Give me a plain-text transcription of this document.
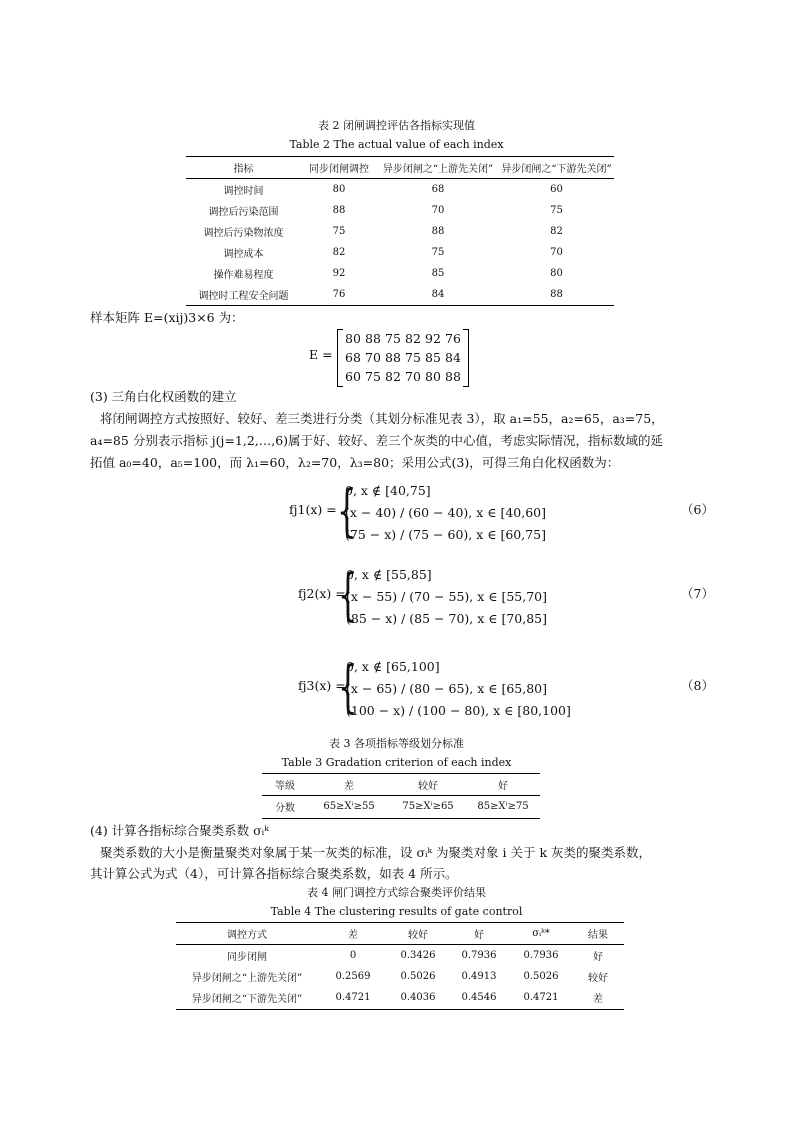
表 2 闭闸调控评估各指标实现值
Table 2 The actual value of each index
指标	同步闭闸调控	异步闭闸之“上游先关闭”	异步闭闸之“下游先关闭”
调控时间	80	68	60
调控后污染范围	88	70	75
调控后污染物浓度	75	88	82
调控成本	82	75	70
操作难易程度	92	85	80
调控时工程安全问题	76	84	88
样本矩阵 E=(xij)3×6 为：
E =
80 88 75 82 92 76
68 70 88 75 85 84
60 75 82 70 80 88
(3) 三角白化权函数的建立
将闭闸调控方式按照好、较好、差三类进行分类（其划分标准见表 3），取 a₁=55，a₂=65，a₃=75，
a₄=85 分别表示指标 j(j=1,2,…,6)属于好、较好、差三个灰类的中心值，考虑实际情况，指标数域的延
拓值 a₀=40，a₅=100，而 λ₁=60，λ₂=70，λ₃=80；采用公式(3)，可得三角白化权函数为：
fj1(x) = {
0, x ∉ [40,75]
(x − 40) / (60 − 40), x ∈ [40,60]
(75 − x) / (75 − 60), x ∈ [60,75]
（6）
fj2(x) =
{
0, x ∉ [55,85]
(x − 55) / (70 − 55), x ∈ [55,70]
(85 − x) / (85 − 70), x ∈ [70,85]
（7）
fj3(x) =
{
0, x ∉ [65,100]
(x − 65) / (80 − 65), x ∈ [65,80]
(100 − x) / (100 − 80), x ∈ [80,100]
（8）
表 3 各项指标等级划分标准
Table 3 Gradation criterion of each index
等级	差	较好	好
分数	65≥Xⁱ≥55	75≥Xⁱ≥65	85≥Xⁱ≥75
(4) 计算各指标综合聚类系数 σᵢᵏ
聚类系数的大小是衡量聚类对象属于某一灰类的标准，设 σᵢᵏ 为聚类对象 i 关于 k 灰类的聚类系数，
其计算公式为式（4），可计算各指标综合聚类系数，如表 4 所示。
表 4 闸门调控方式综合聚类评价结果
Table 4 The clustering results of gate control
调控方式	差	较好	好	σᵢᵏ*	结果
同步闭闸	0	0.3426	0.7936	0.7936	好
异步闭闸之“上游先关闭”	0.2569	0.5026	0.4913	0.5026	较好
异步闭闸之“下游先关闭”	0.4721	0.4036	0.4546	0.4721	差
